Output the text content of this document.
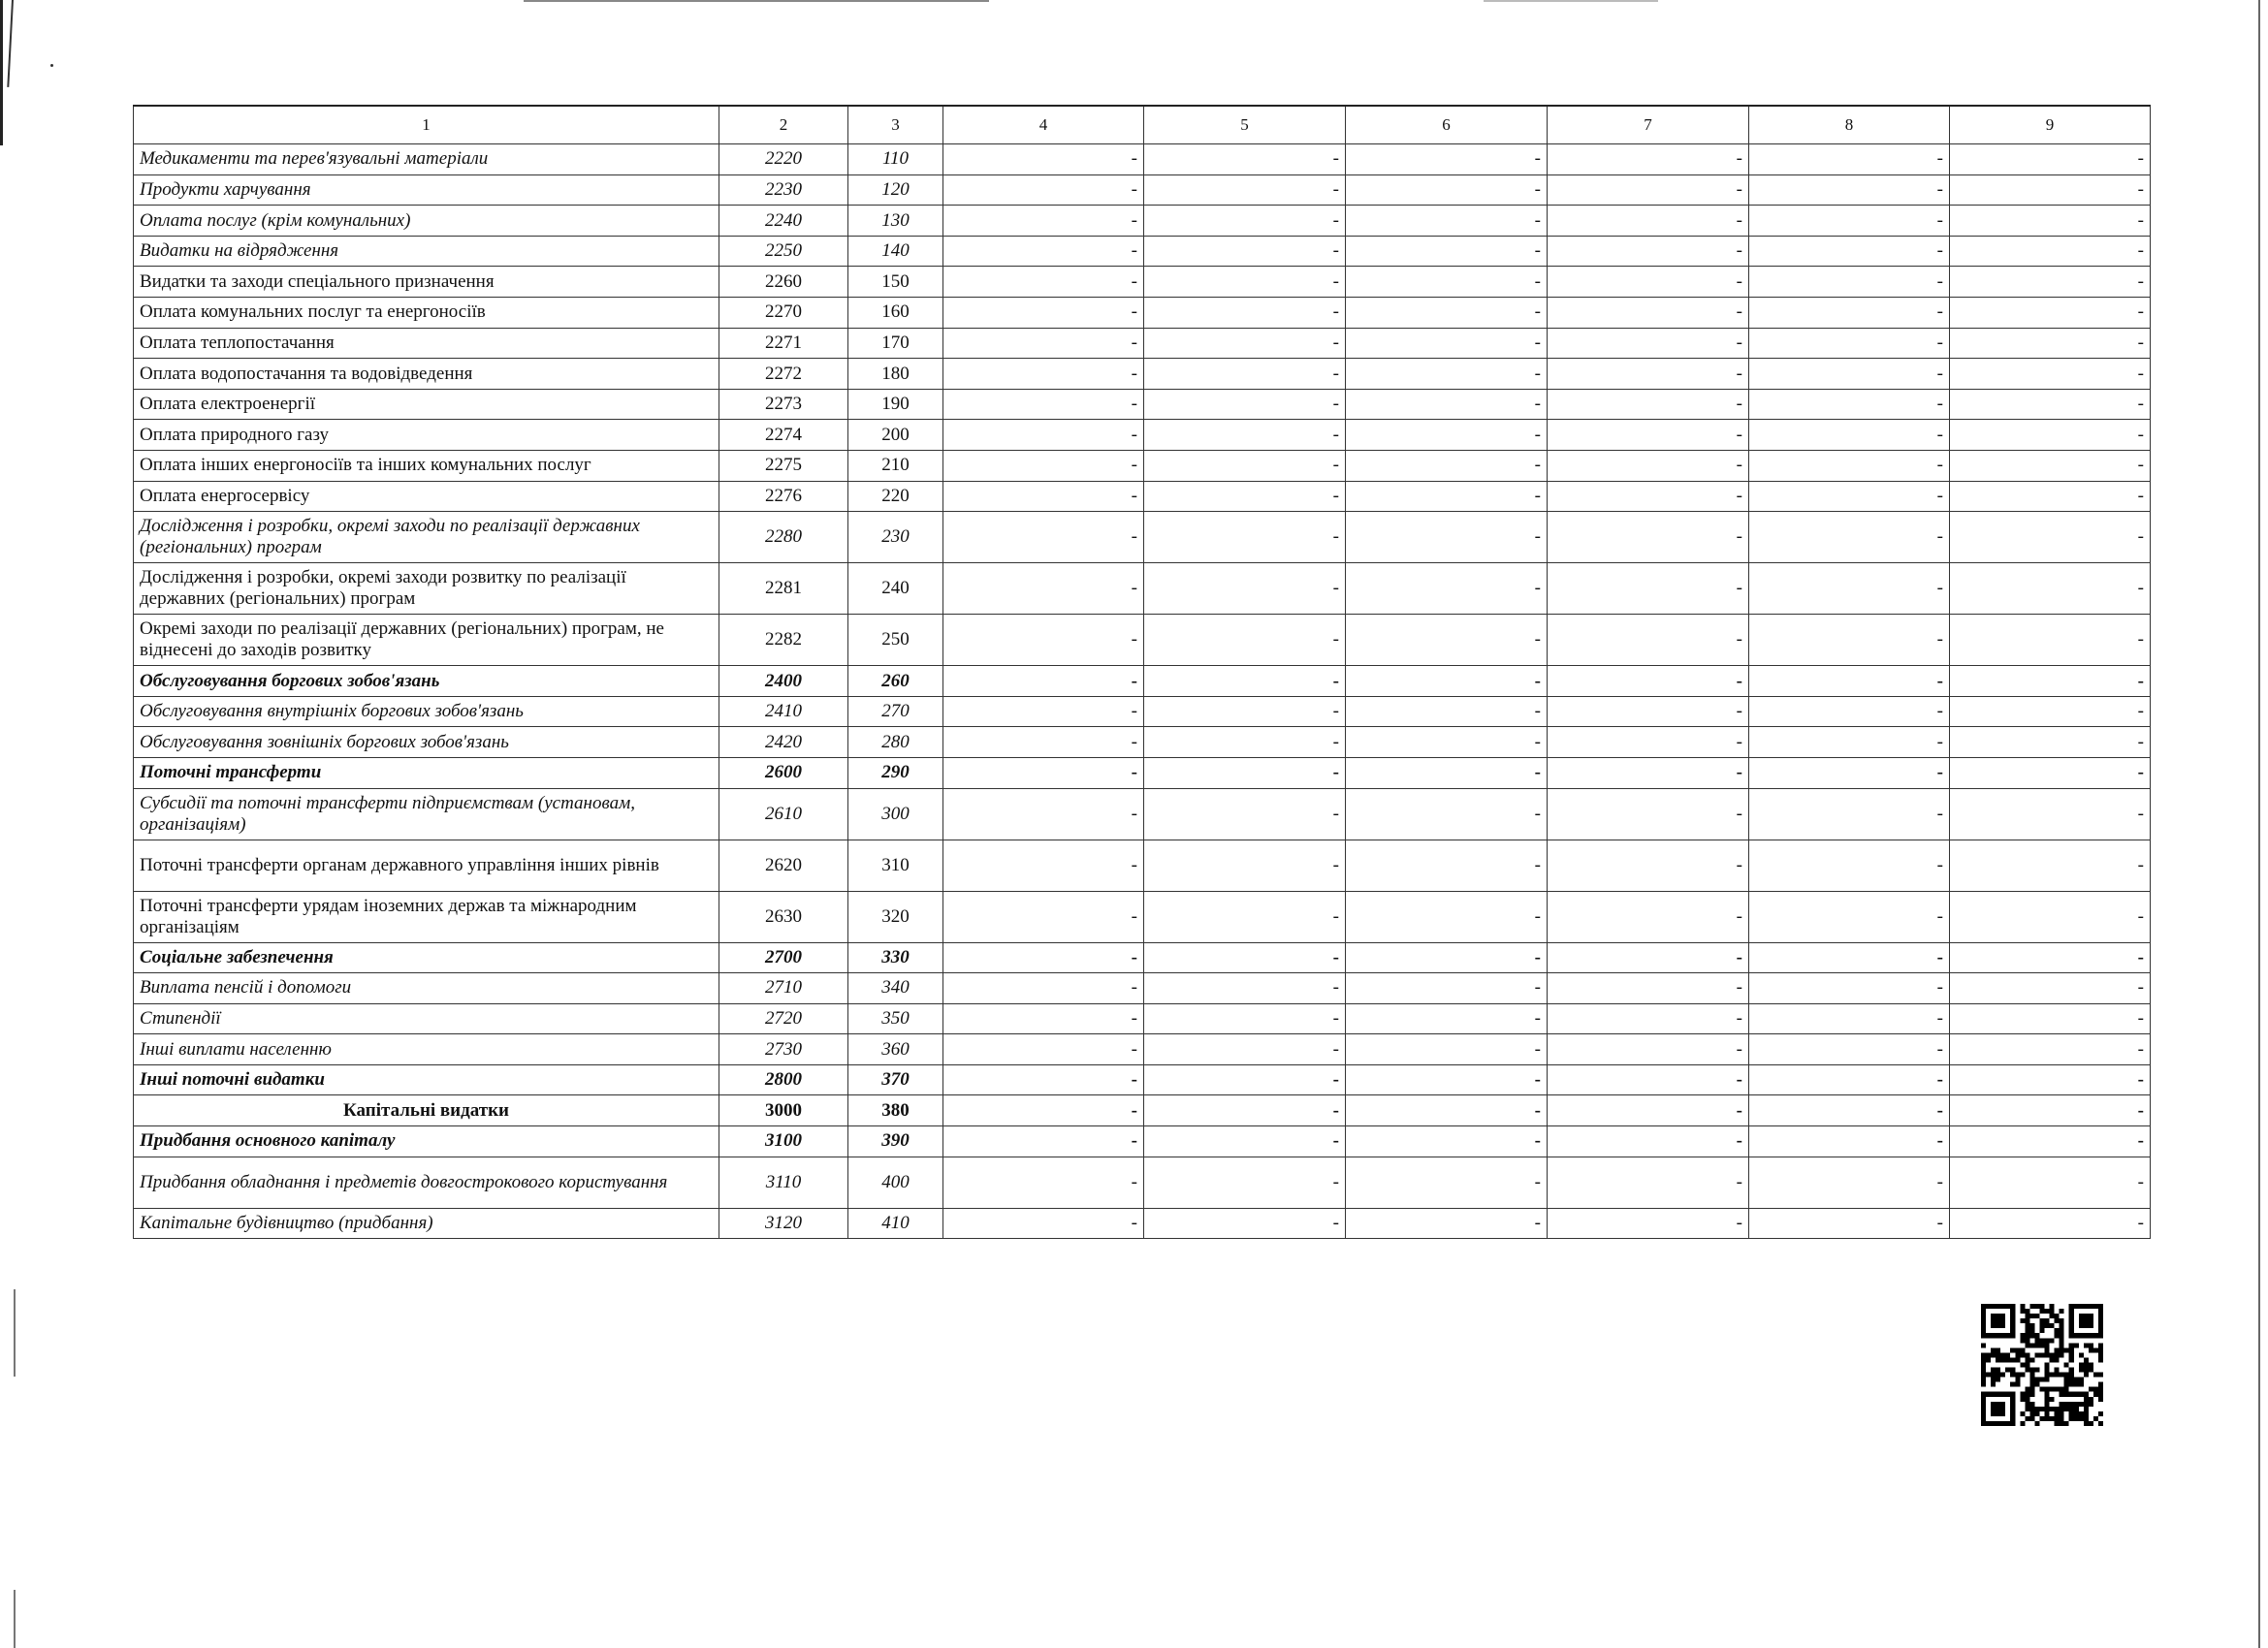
1	2	3	4	5	6	7	8	9
Медикаменти та перев'язувальні матеріали	2220	110	-	-	-	-	-	-
Продукти харчування	2230	120	-	-	-	-	-	-
Оплата послуг (крім комунальних)	2240	130	-	-	-	-	-	-
Видатки на відрядження	2250	140	-	-	-	-	-	-
Видатки та заходи спеціального призначення	2260	150	-	-	-	-	-	-
Оплата комунальних послуг та енергоносіїв	2270	160	-	-	-	-	-	-
Оплата теплопостачання	2271	170	-	-	-	-	-	-
Оплата водопостачання та водовідведення	2272	180	-	-	-	-	-	-
Оплата електроенергії	2273	190	-	-	-	-	-	-
Оплата природного газу	2274	200	-	-	-	-	-	-
Оплата інших енергоносіїв та інших комунальних послуг	2275	210	-	-	-	-	-	-
Оплата енергосервісу	2276	220	-	-	-	-	-	-
Дослідження і розробки, окремі заходи по реалізації державних (регіональних) програм	2280	230	-	-	-	-	-	-
Дослідження і розробки, окремі заходи розвитку по реалізації державних (регіональних) програм	2281	240	-	-	-	-	-	-
Окремі заходи по реалізації державних (регіональних) програм, не віднесені до заходів розвитку	2282	250	-	-	-	-	-	-
Обслуговування боргових зобов'язань	2400	260	-	-	-	-	-	-
Обслуговування внутрішніх боргових зобов'язань	2410	270	-	-	-	-	-	-
Обслуговування зовнішніх боргових зобов'язань	2420	280	-	-	-	-	-	-
Поточні трансферти	2600	290	-	-	-	-	-	-
Субсидії та поточні трансферти підприємствам (установам, організаціям)	2610	300	-	-	-	-	-	-
Поточні трансферти органам державного управління інших рівнів	2620	310	-	-	-	-	-	-
Поточні трансферти урядам іноземних держав та міжнародним організаціям	2630	320	-	-	-	-	-	-
Соціальне забезпечення	2700	330	-	-	-	-	-	-
Виплата пенсій і допомоги	2710	340	-	-	-	-	-	-
Стипендії	2720	350	-	-	-	-	-	-
Інші виплати населенню	2730	360	-	-	-	-	-	-
Інші поточні видатки	2800	370	-	-	-	-	-	-
Капітальні видатки	3000	380	-	-	-	-	-	-
Придбання основного капіталу	3100	390	-	-	-	-	-	-
Придбання обладнання і предметів довгострокового користування	3110	400	-	-	-	-	-	-
Капітальне будівництво (придбання)	3120	410	-	-	-	-	-	-
